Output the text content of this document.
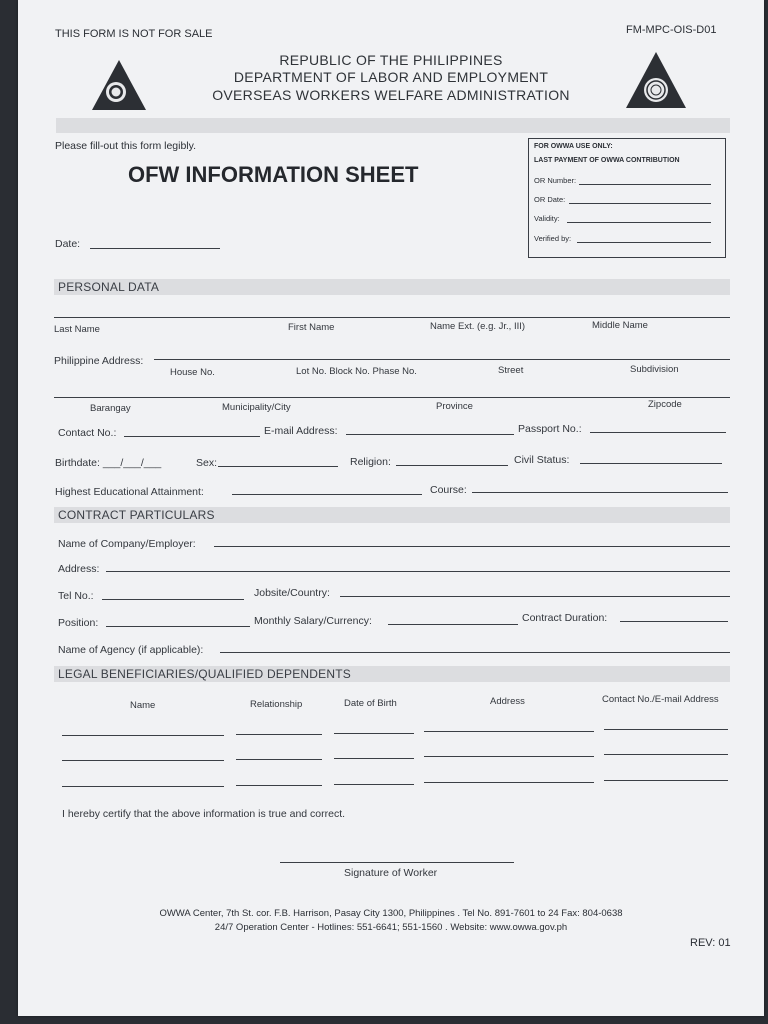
THIS FORM IS NOT FOR SALE	FM-MPC-OIS-D01
REPUBLIC OF THE PHILIPPINES
DEPARTMENT OF LABOR AND EMPLOYMENT
OVERSEAS WORKERS WELFARE ADMINISTRATION
Please fill-out this form legibly.
OFW INFORMATION SHEET
Date:
FOR OWWA USE ONLY:
LAST PAYMENT OF OWWA CONTRIBUTION
OR Number:
OR Date:
Validity:
Verified by:
PERSONAL DATA
Last Name	First Name	Name Ext. (e.g. Jr., III)	Middle Name
Philippine Address:
House No.	Lot No. Block No. Phase No.	Street	Subdivision
Barangay	Municipality/City	Province	Zipcode
Contact No.:	E-mail Address:	Passport No.:
Birthdate: ___/___/___	Sex:	Religion:	Civil Status:
Highest Educational Attainment:	Course:
CONTRACT PARTICULARS
Name of Company/Employer:
Address:
Tel No.:	Jobsite/Country:
Position:	Monthly Salary/Currency:	Contract Duration:
Name of Agency (if applicable):
LEGAL BENEFICIARIES/QUALIFIED DEPENDENTS
Name	Relationship	Date of Birth	Address	Contact No./E-mail Address
I hereby certify that the above information is true and correct.
Signature of Worker
OWWA Center, 7th St. cor. F.B. Harrison, Pasay City 1300, Philippines . Tel No. 891-7601 to 24 Fax: 804-0638
24/7 Operation Center - Hotlines: 551-6641; 551-1560 . Website: www.owwa.gov.ph
REV: 01
